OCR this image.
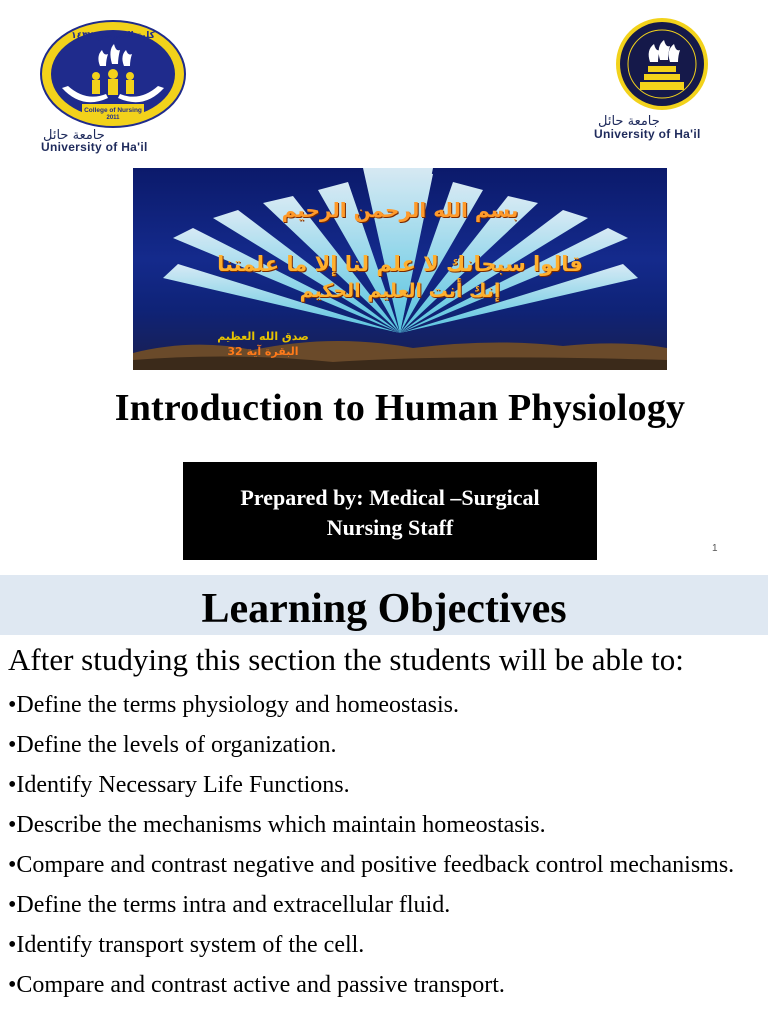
كلية التمريض ١٤٣٢
College of Nursing
2011
جامعة حائل
University of Ha'il
جامعة حائل
University of Ha'il
بسم الله الرحمن الرحيم
قالوا سبحانك لا علم لنا إلا ما علمتنا
إنك أنت العليم الحكيم
صدق الله العظيم
البقرة آية 32
Introduction to Human Physiology
Prepared by: Medical –Surgical
Nursing Staff
1
Learning Objectives
After studying this section the students will be able to:
•Define the terms physiology and homeostasis.
•Define the levels of organization.
•Identify Necessary Life Functions.
•Describe the mechanisms which maintain homeostasis.
•Compare and contrast negative and positive feedback control mechanisms.
•Define the terms intra and extracellular fluid.
•Identify transport system of the cell.
•Compare and contrast active and passive transport.
